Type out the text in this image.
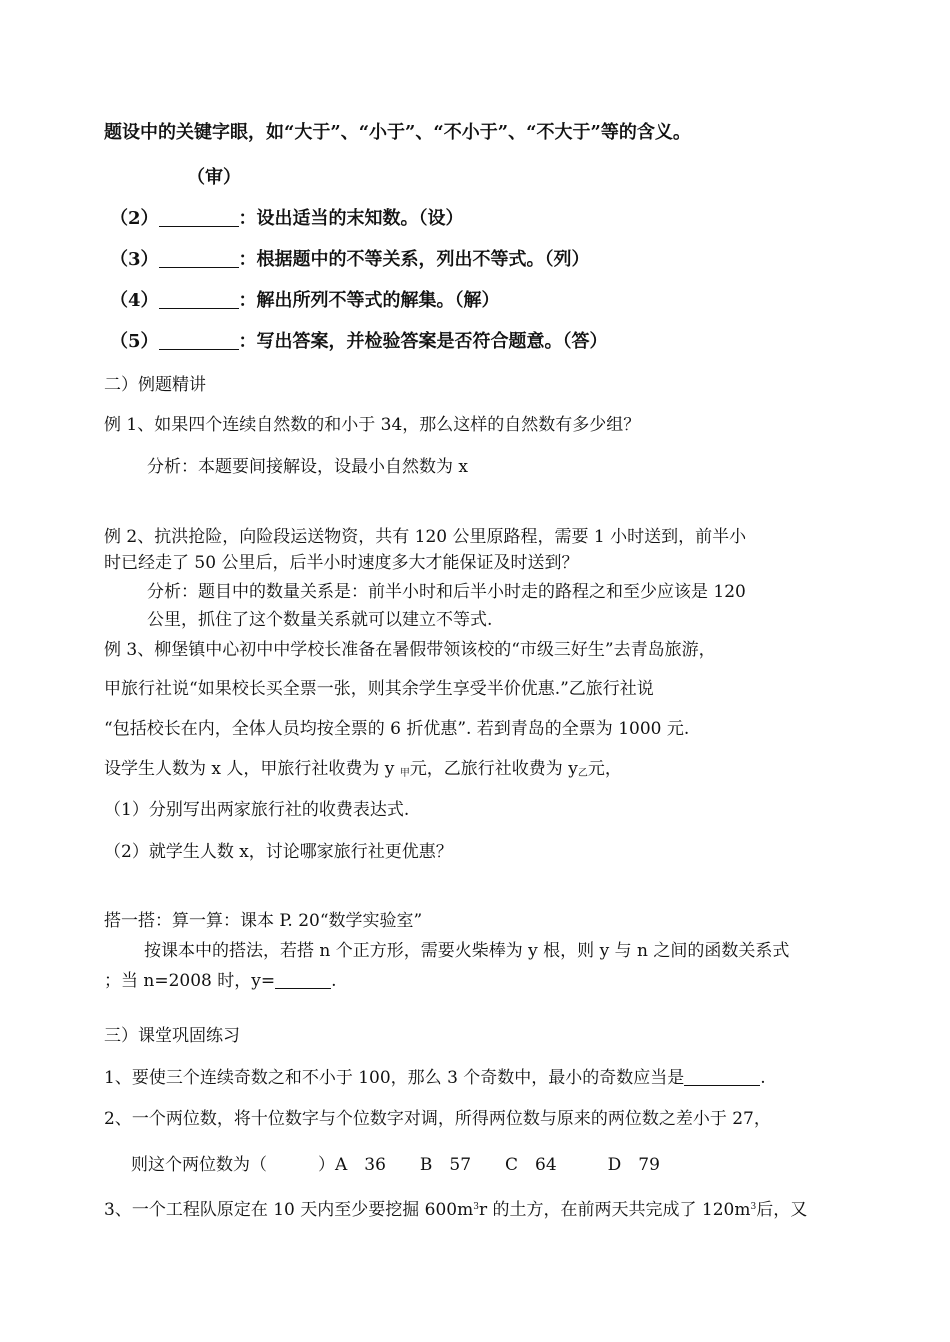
题设中的关键字眼，如“大于”、“小于”、“不小于”、“不大于”等的含义。
（审）
（2）	：设出适当的末知数。（设）
（3）	：根据题中的不等关系，列出不等式。（列）
（4）	：解出所列不等式的解集。（解）
（5）	：写出答案，并检验答案是否符合题意。（答）
二）例题精讲
例 1、如果四个连续自然数的和小于 34，那么这样的自然数有多少组？
分析：本题要间接解设，设最小自然数为 x
例 2、抗洪抢险，向险段运送物资，共有 120 公里原路程，需要 1 小时送到，前半小
时已经走了 50 公里后，后半小时速度多大才能保证及时送到？
分析：题目中的数量关系是：前半小时和后半小时走的路程之和至少应该是 120
公里，抓住了这个数量关系就可以建立不等式.
例 3、柳堡镇中心初中中学校长准备在暑假带领该校的“市级三好生”去青岛旅游，
甲旅行社说“如果校长买全票一张，则其余学生享受半价优惠.”乙旅行社说
“包括校长在内，全体人员均按全票的 6 折优惠”. 若到青岛的全票为 1000 元.
设学生人数为 x 人，甲旅行社收费为 y $_甲$元，乙旅行社收费为 $y_乙$元，
（1）分别写出两家旅行社的收费表达式.
（2）就学生人数 x，讨论哪家旅行社更优惠？
搭一搭：算一算：课本 P. 20“数学实验室”
按课本中的搭法，若搭 n 个正方形，需要火柴棒为 y 根，则 y 与 n 之间的函数关系式
；当 n=2008 时，y=	.
三）课堂巩固练习
1、要使三个连续奇数之和不小于 100，那么 3 个奇数中，最小的奇数应当是	.
2、一个两位数，将十位数字与个位数字对调，所得两位数与原来的两位数之差小于 27，
则这个两位数为（　　　）A　36　　B　57　　C　64　　　D　79
3、一个工程队原定在 10 天内至少要挖掘 $600m^3r$ 的土方，在前两天共完成了 $120m^3$后，又
